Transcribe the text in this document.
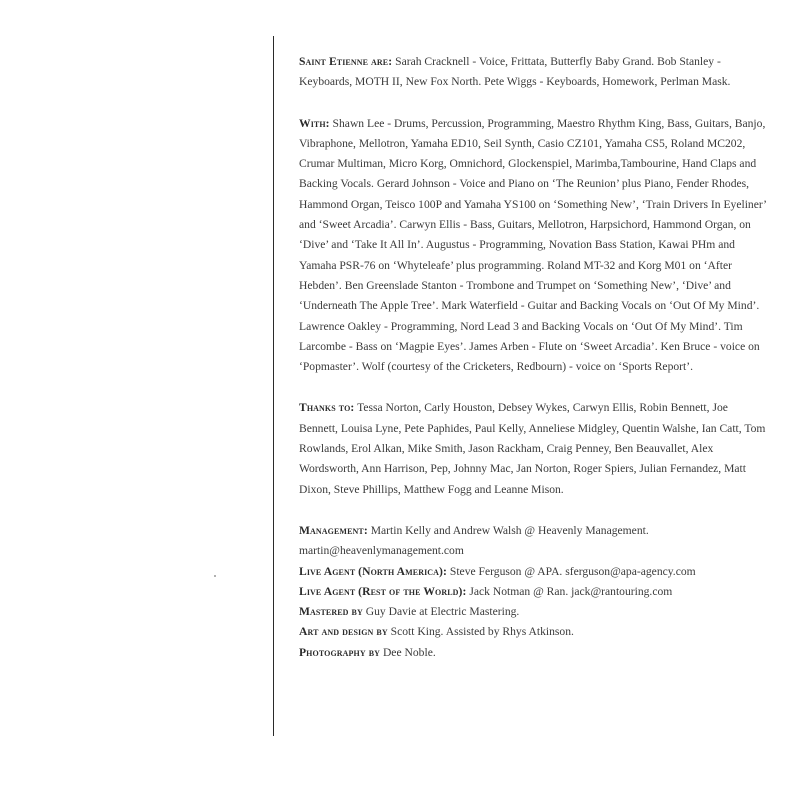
Saint Etienne are: Sarah Cracknell - Voice, Frittata, Butterfly Baby Grand. Bob Stanley - Keyboards, MOTH II, New Fox North. Pete Wiggs - Keyboards, Homework, Perlman Mask.

With: Shawn Lee - Drums, Percussion, Programming, Maestro Rhythm King, Bass, Guitars, Banjo, Vibraphone, Mellotron, Yamaha ED10, Seil Synth, Casio CZ101, Yamaha CS5, Roland MC202, Crumar Multiman, Micro Korg, Omnichord, Glockenspiel, Marimba,Tambourine, Hand Claps and Backing Vocals. Gerard Johnson - Voice and Piano on ‘The Reunion’ plus Piano, Fender Rhodes, Hammond Organ, Teisco 100P and Yamaha YS100 on ‘Something New’, ‘Train Drivers In Eyeliner’ and ‘Sweet Arcadia’. Carwyn Ellis - Bass, Guitars, Mellotron, Harpsichord, Hammond Organ, on ‘Dive’ and ‘Take It All In’. Augustus - Programming, Novation Bass Station, Kawai PHm and Yamaha PSR-76 on ‘Whyteleafe’ plus programming. Roland MT-32 and Korg M01 on ‘After Hebden’. Ben Greenslade Stanton - Trombone and Trumpet on ‘Something New’, ‘Dive’ and ‘Underneath The Apple Tree’. Mark Waterfield - Guitar and Backing Vocals on ‘Out Of My Mind’. Lawrence Oakley - Programming, Nord Lead 3 and Backing Vocals on ‘Out Of My Mind’. Tim Larcombe - Bass on ‘Magpie Eyes’. James Arben - Flute on ‘Sweet Arcadia’. Ken Bruce - voice on ‘Popmaster’. Wolf (courtesy of the Cricketers, Redbourn) - voice on ‘Sports Report’.

Thanks to: Tessa Norton, Carly Houston, Debsey Wykes, Carwyn Ellis, Robin Bennett, Joe Bennett, Louisa Lyne, Pete Paphides, Paul Kelly, Anneliese Midgley, Quentin Walshe, Ian Catt, Tom Rowlands, Erol Alkan, Mike Smith, Jason Rackham, Craig Penney, Ben Beauvallet, Alex Wordsworth, Ann Harrison, Pep, Johnny Mac, Jan Norton, Roger Spiers, Julian Fernandez, Matt Dixon, Steve Phillips, Matthew Fogg and Leanne Mison.

Management: Martin Kelly and Andrew Walsh @ Heavenly Management.
martin@heavenlymanagement.com

Live Agent (North America): Steve Ferguson @ APA. sferguson@apa-agency.com
Live Agent (Rest of the World): Jack Notman @ Ran. jack@rantouring.com
Mastered by Guy Davie at Electric Mastering.
Art and design by Scott King. Assisted by Rhys Atkinson.
Photography by Dee Noble.
